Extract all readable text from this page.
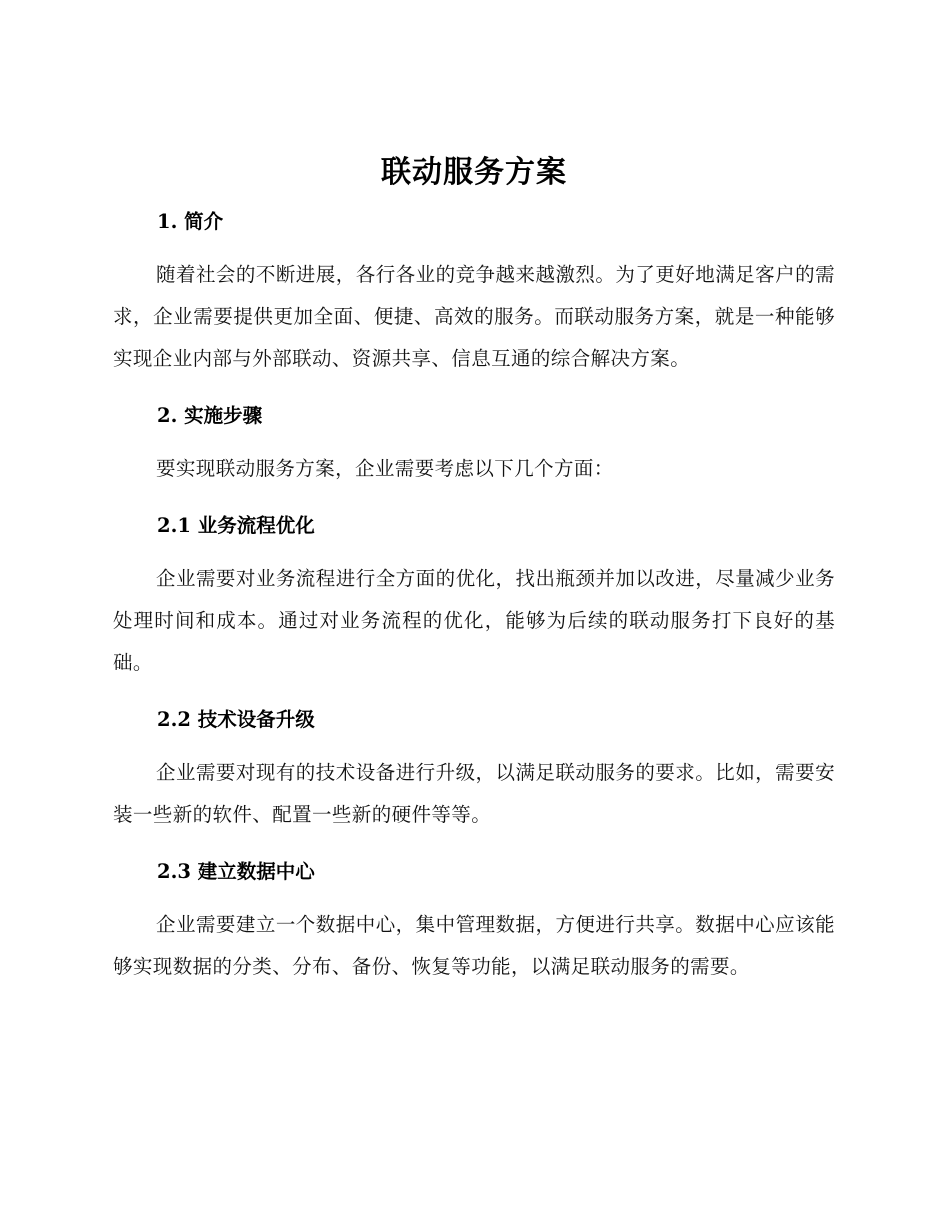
联动服务方案
1. 简介

随着社会的不断进展，各行各业的竞争越来越激烈。为了更好地满足客户的需求，企业需要提供更加全面、便捷、高效的服务。而联动服务方案，就是一种能够实现企业内部与外部联动、资源共享、信息互通的综合解决方案。

2. 实施步骤

要实现联动服务方案，企业需要考虑以下几个方面：

2.1 业务流程优化

企业需要对业务流程进行全方面的优化，找出瓶颈并加以改进，尽量减少业务处理时间和成本。通过对业务流程的优化，能够为后续的联动服务打下良好的基础。

2.2 技术设备升级

企业需要对现有的技术设备进行升级，以满足联动服务的要求。比如，需要安装一些新的软件、配置一些新的硬件等等。

2.3 建立数据中心

企业需要建立一个数据中心，集中管理数据，方便进行共享。数据中心应该能够实现数据的分类、分布、备份、恢复等功能，以满足联动服务的需要。
